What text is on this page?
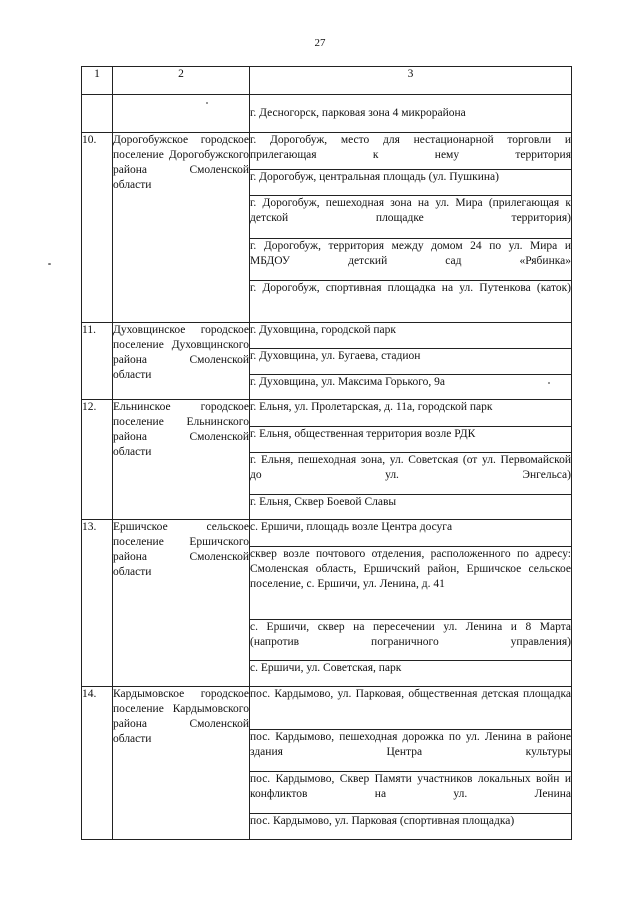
27
1	2	3

		г. Десногорск, парковая зона 4 микрорайона

10.	Дорогобужское городское поселение Дорогобужского района Смоленской области	г. Дорогобуж, место для нестационарной торговли и прилегающая к нему территория

		г. Дорогобуж, центральная площадь (ул. Пушкина)

		г. Дорогобуж, пешеходная зона на ул. Мира (прилегающая к детской площадке территория)

		г. Дорогобуж, территория между домом 24 по ул. Мира и МБДОУ детский сад «Рябинка»

		г. Дорогобуж, спортивная площадка на ул. Путенкова (каток)

11.	Духовщинское городское поселение Духовщинского района Смоленской области	г. Духовщина, городской парк

		г. Духовщина, ул. Бугаева, стадион

		г. Духовщина, ул. Максима Горького, 9а

12.	Ельнинское городское поселение Ельнинского района Смоленской области	г. Ельня, ул. Пролетарская, д. 11а, городской парк

		г. Ельня, общественная территория возле РДК

		г. Ельня, пешеходная зона, ул. Советская (от ул. Первомайской до ул. Энгельса)

		г. Ельня, Сквер Боевой Славы

13.	Ершичское сельское поселение Ершичского района Смоленской области	с. Ершичи, площадь возле Центра досуга

		сквер возле почтового отделения, расположенного по адресу: Смоленская область, Ершичский район, Ершичское сельское поселение, с. Ершичи, ул. Ленина, д. 41

		с. Ершичи, сквер на пересечении ул. Ленина и 8 Марта (напротив пограничного управления)

		с. Ершичи, ул. Советская, парк

14.	Кардымовское городское поселение Кардымовского района Смоленской области	пос. Кардымово, ул. Парковая, общественная детская площадка

		пос. Кардымово, пешеходная дорожка по ул. Ленина в районе здания Центра культуры

		пос. Кардымово, Сквер Памяти участников локальных войн и конфликтов на ул. Ленина

		пос. Кардымово, ул. Парковая (спортивная площадка)
